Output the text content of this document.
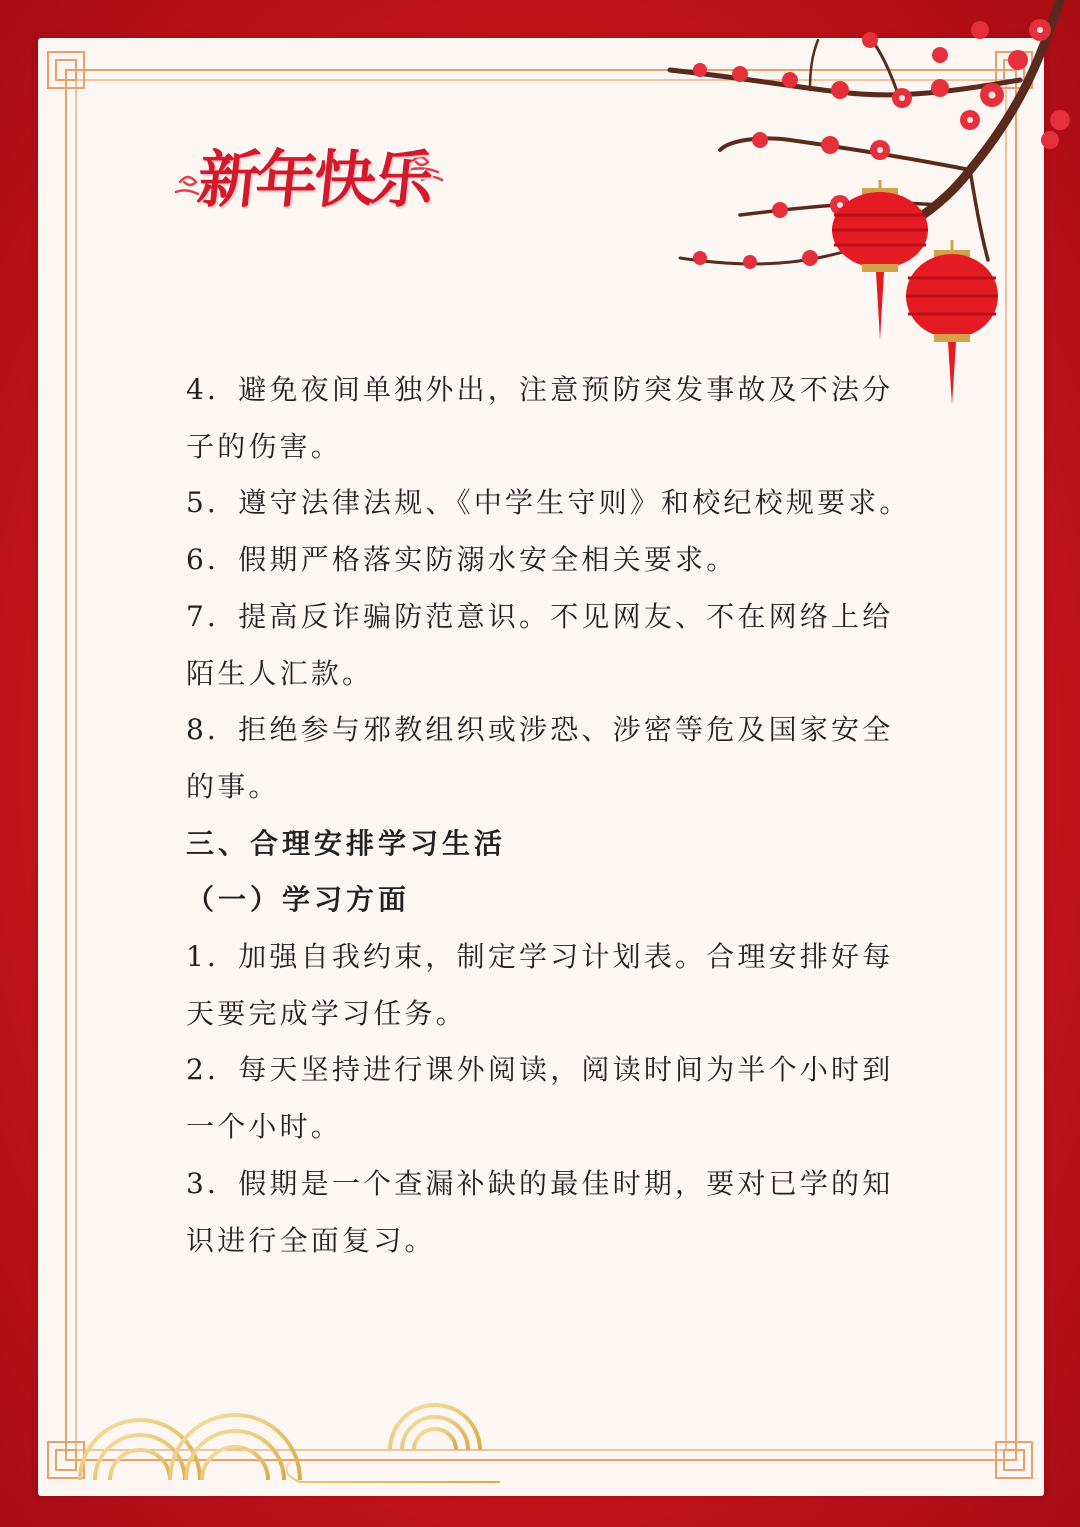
新年快乐

4．避免夜间单独外出，注意预防突发事故及不法分

子的伤害。

5．遵守法律法规、《中学生守则》和校纪校规要求。

6．假期严格落实防溺水安全相关要求。

7．提高反诈骗防范意识。不见网友、不在网络上给

陌生人汇款。

8．拒绝参与邪教组织或涉恐、涉密等危及国家安全

的事。

三、合理安排学习生活

（一）学习方面

1．加强自我约束，制定学习计划表。合理安排好每

天要完成学习任务。

2．每天坚持进行课外阅读，阅读时间为半个小时到

一个小时。

3．假期是一个查漏补缺的最佳时期，要对已学的知

识进行全面复习。
